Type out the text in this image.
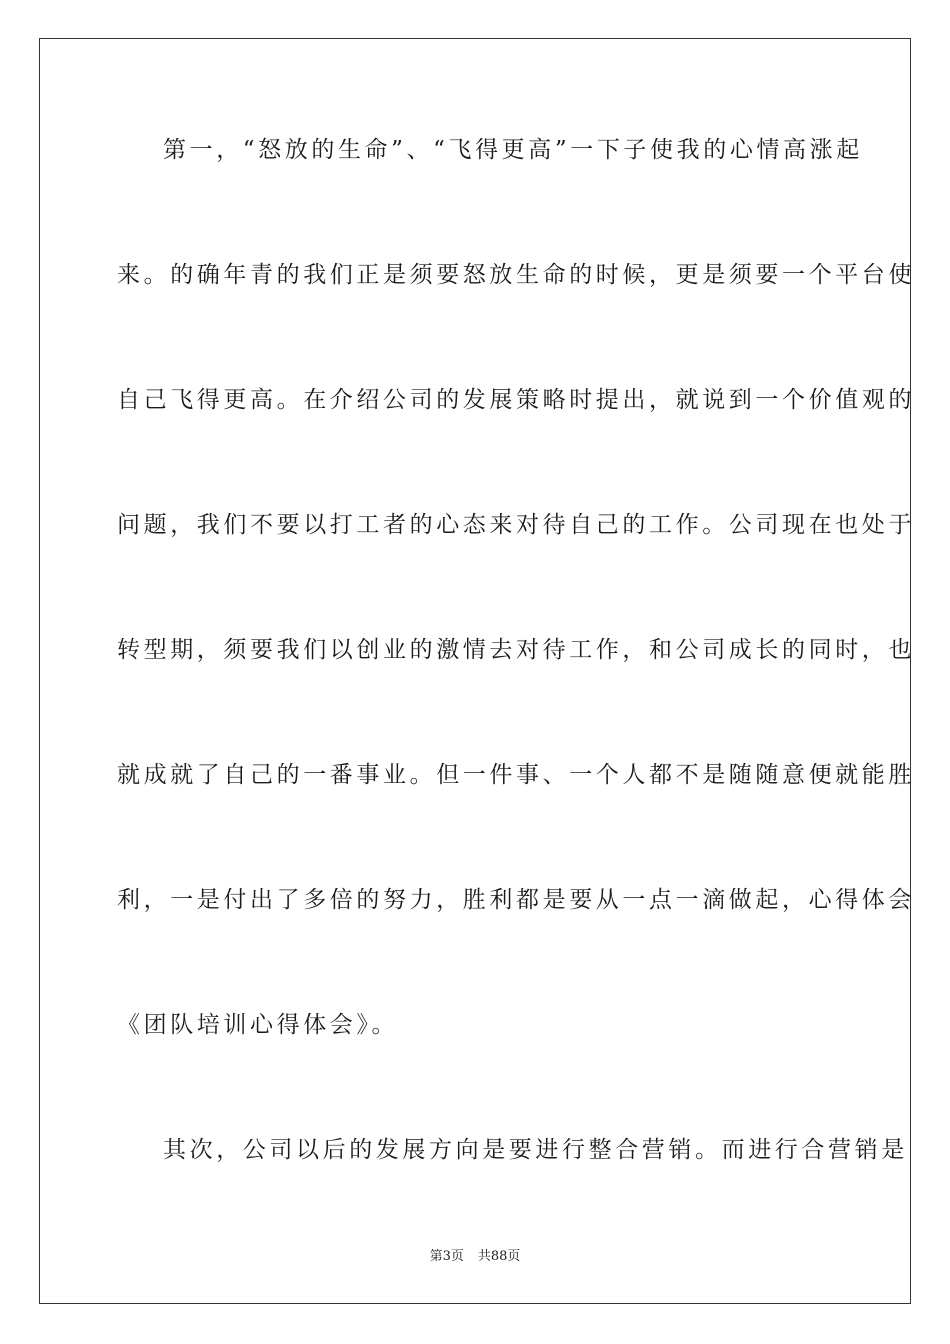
第一，“怒放的生命”、“飞得更高”一下子使我的心情高涨起
来。的确年青的我们正是须要怒放生命的时候，更是须要一个平台使
自己飞得更高。在介绍公司的发展策略时提出，就说到一个价值观的
问题，我们不要以打工者的心态来对待自己的工作。公司现在也处于
转型期，须要我们以创业的激情去对待工作，和公司成长的同时，也
就成就了自己的一番事业。但一件事、一个人都不是随随意便就能胜
利，一是付出了多倍的努力，胜利都是要从一点一滴做起，心得体会
《团队培训心得体会》。
其次，公司以后的发展方向是要进行整合营销。而进行合营销是
第3页 共88页
